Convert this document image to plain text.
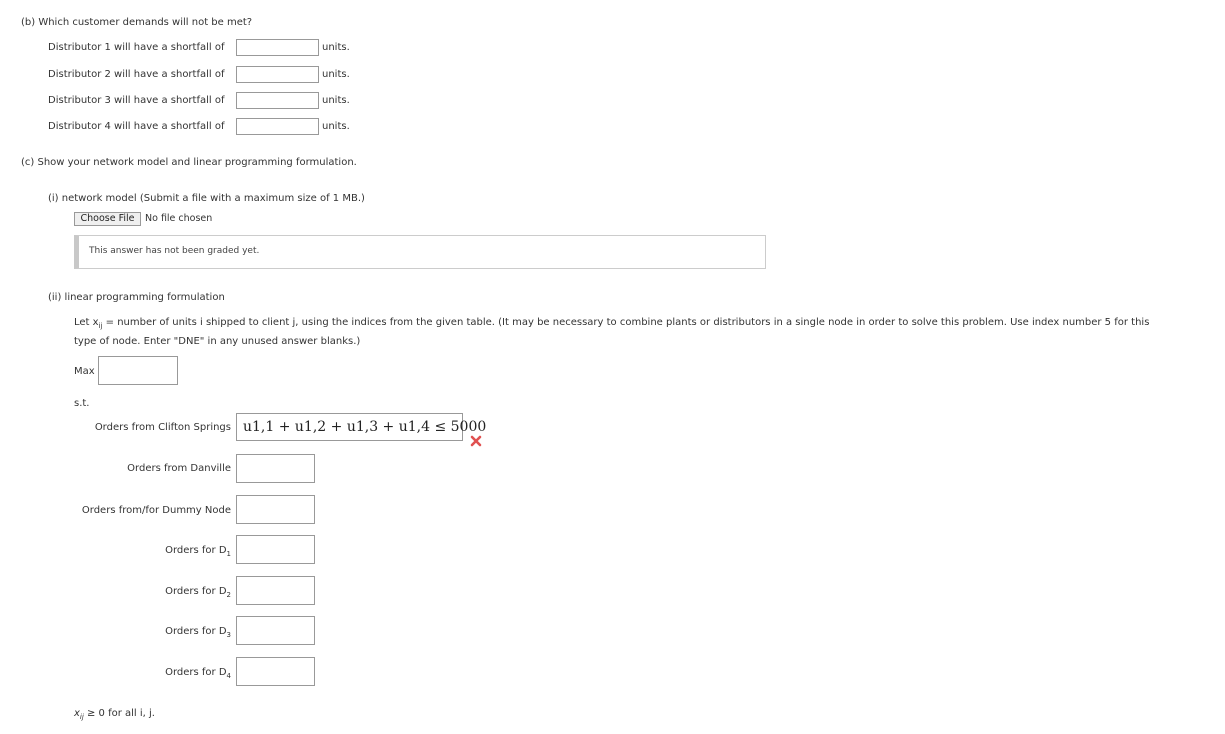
(b) Which customer demands will not be met?
Distributor 1 will have a shortfall of	units.
Distributor 2 will have a shortfall of	units.
Distributor 3 will have a shortfall of	units.
Distributor 4 will have a shortfall of	units.
(c) Show your network model and linear programming formulation.
(i) network model (Submit a file with a maximum size of 1 MB.)
Choose File	No file chosen
This answer has not been graded yet.
(ii) linear programming formulation
Let $x_{ij}$ = number of units i shipped to client j, using the indices from the given table. (It may be necessary to combine plants or distributors in a single node in order to solve this problem. Use index number 5 for this
type of node. Enter "DNE" in any unused answer blanks.)
Max
s.t.
Orders from Clifton Springs u1,1 + u1,2 + u1,3 + u1,4 ≤ 5000
Orders from Danville
Orders from/for Dummy Node
Orders for $D_1$
Orders for $D_2$
Orders for $D_3$
Orders for $D_4$
$x_{ij} \ge 0$ for all i, j.
